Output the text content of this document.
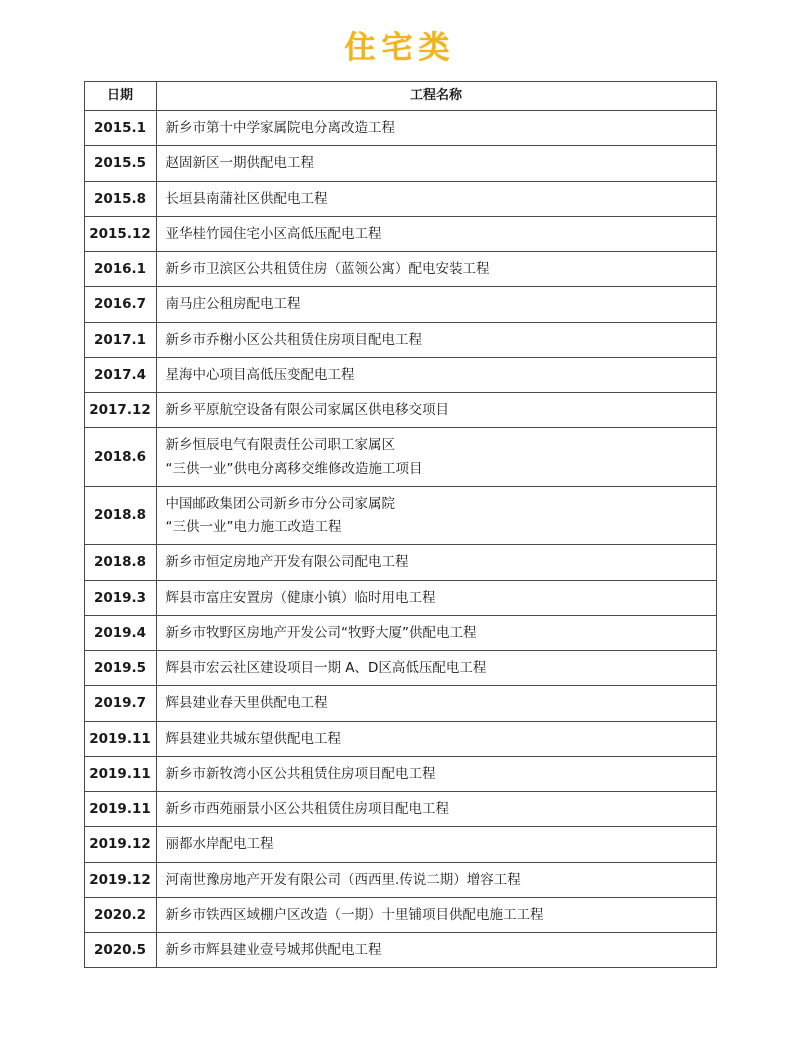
住宅类
日期	工程名称
2015.1	新乡市第十中学家属院电分离改造工程

2015.5	赵固新区一期供配电工程

2015.8	长垣县南蒲社区供配电工程

2015.12	亚华桂竹园住宅小区高低压配电工程

2016.1	新乡市卫滨区公共租赁住房（蓝领公寓）配电安装工程

2016.7	南马庄公租房配电工程

2017.1	新乡市乔榭小区公共租赁住房项目配电工程

2017.4	星海中心项目高低压变配电工程

2017.12	新乡平原航空设备有限公司家属区供电移交项目

2018.6	新乡恒辰电气有限责任公司职工家属区
“三供一业”供电分离移交维修改造施工项目

2018.8	中国邮政集团公司新乡市分公司家属院
“三供一业”电力施工改造工程

2018.8	新乡市恒定房地产开发有限公司配电工程

2019.3	辉县市富庄安置房（健康小镇）临时用电工程

2019.4	新乡市牧野区房地产开发公司“牧野大厦”供配电工程

2019.5	辉县市宏云社区建设项目一期 A、D区高低压配电工程

2019.7	辉县建业春天里供配电工程

2019.11	辉县建业共城东望供配电工程

2019.11	新乡市新牧湾小区公共租赁住房项目配电工程

2019.11	新乡市西苑丽景小区公共租赁住房项目配电工程

2019.12	丽都水岸配电工程

2019.12	河南世豫房地产开发有限公司（西西里.传说二期）增容工程

2020.2	新乡市铁西区域棚户区改造（一期）十里铺项目供配电施工工程

2020.5	新乡市辉县建业壹号城邦供配电工程
